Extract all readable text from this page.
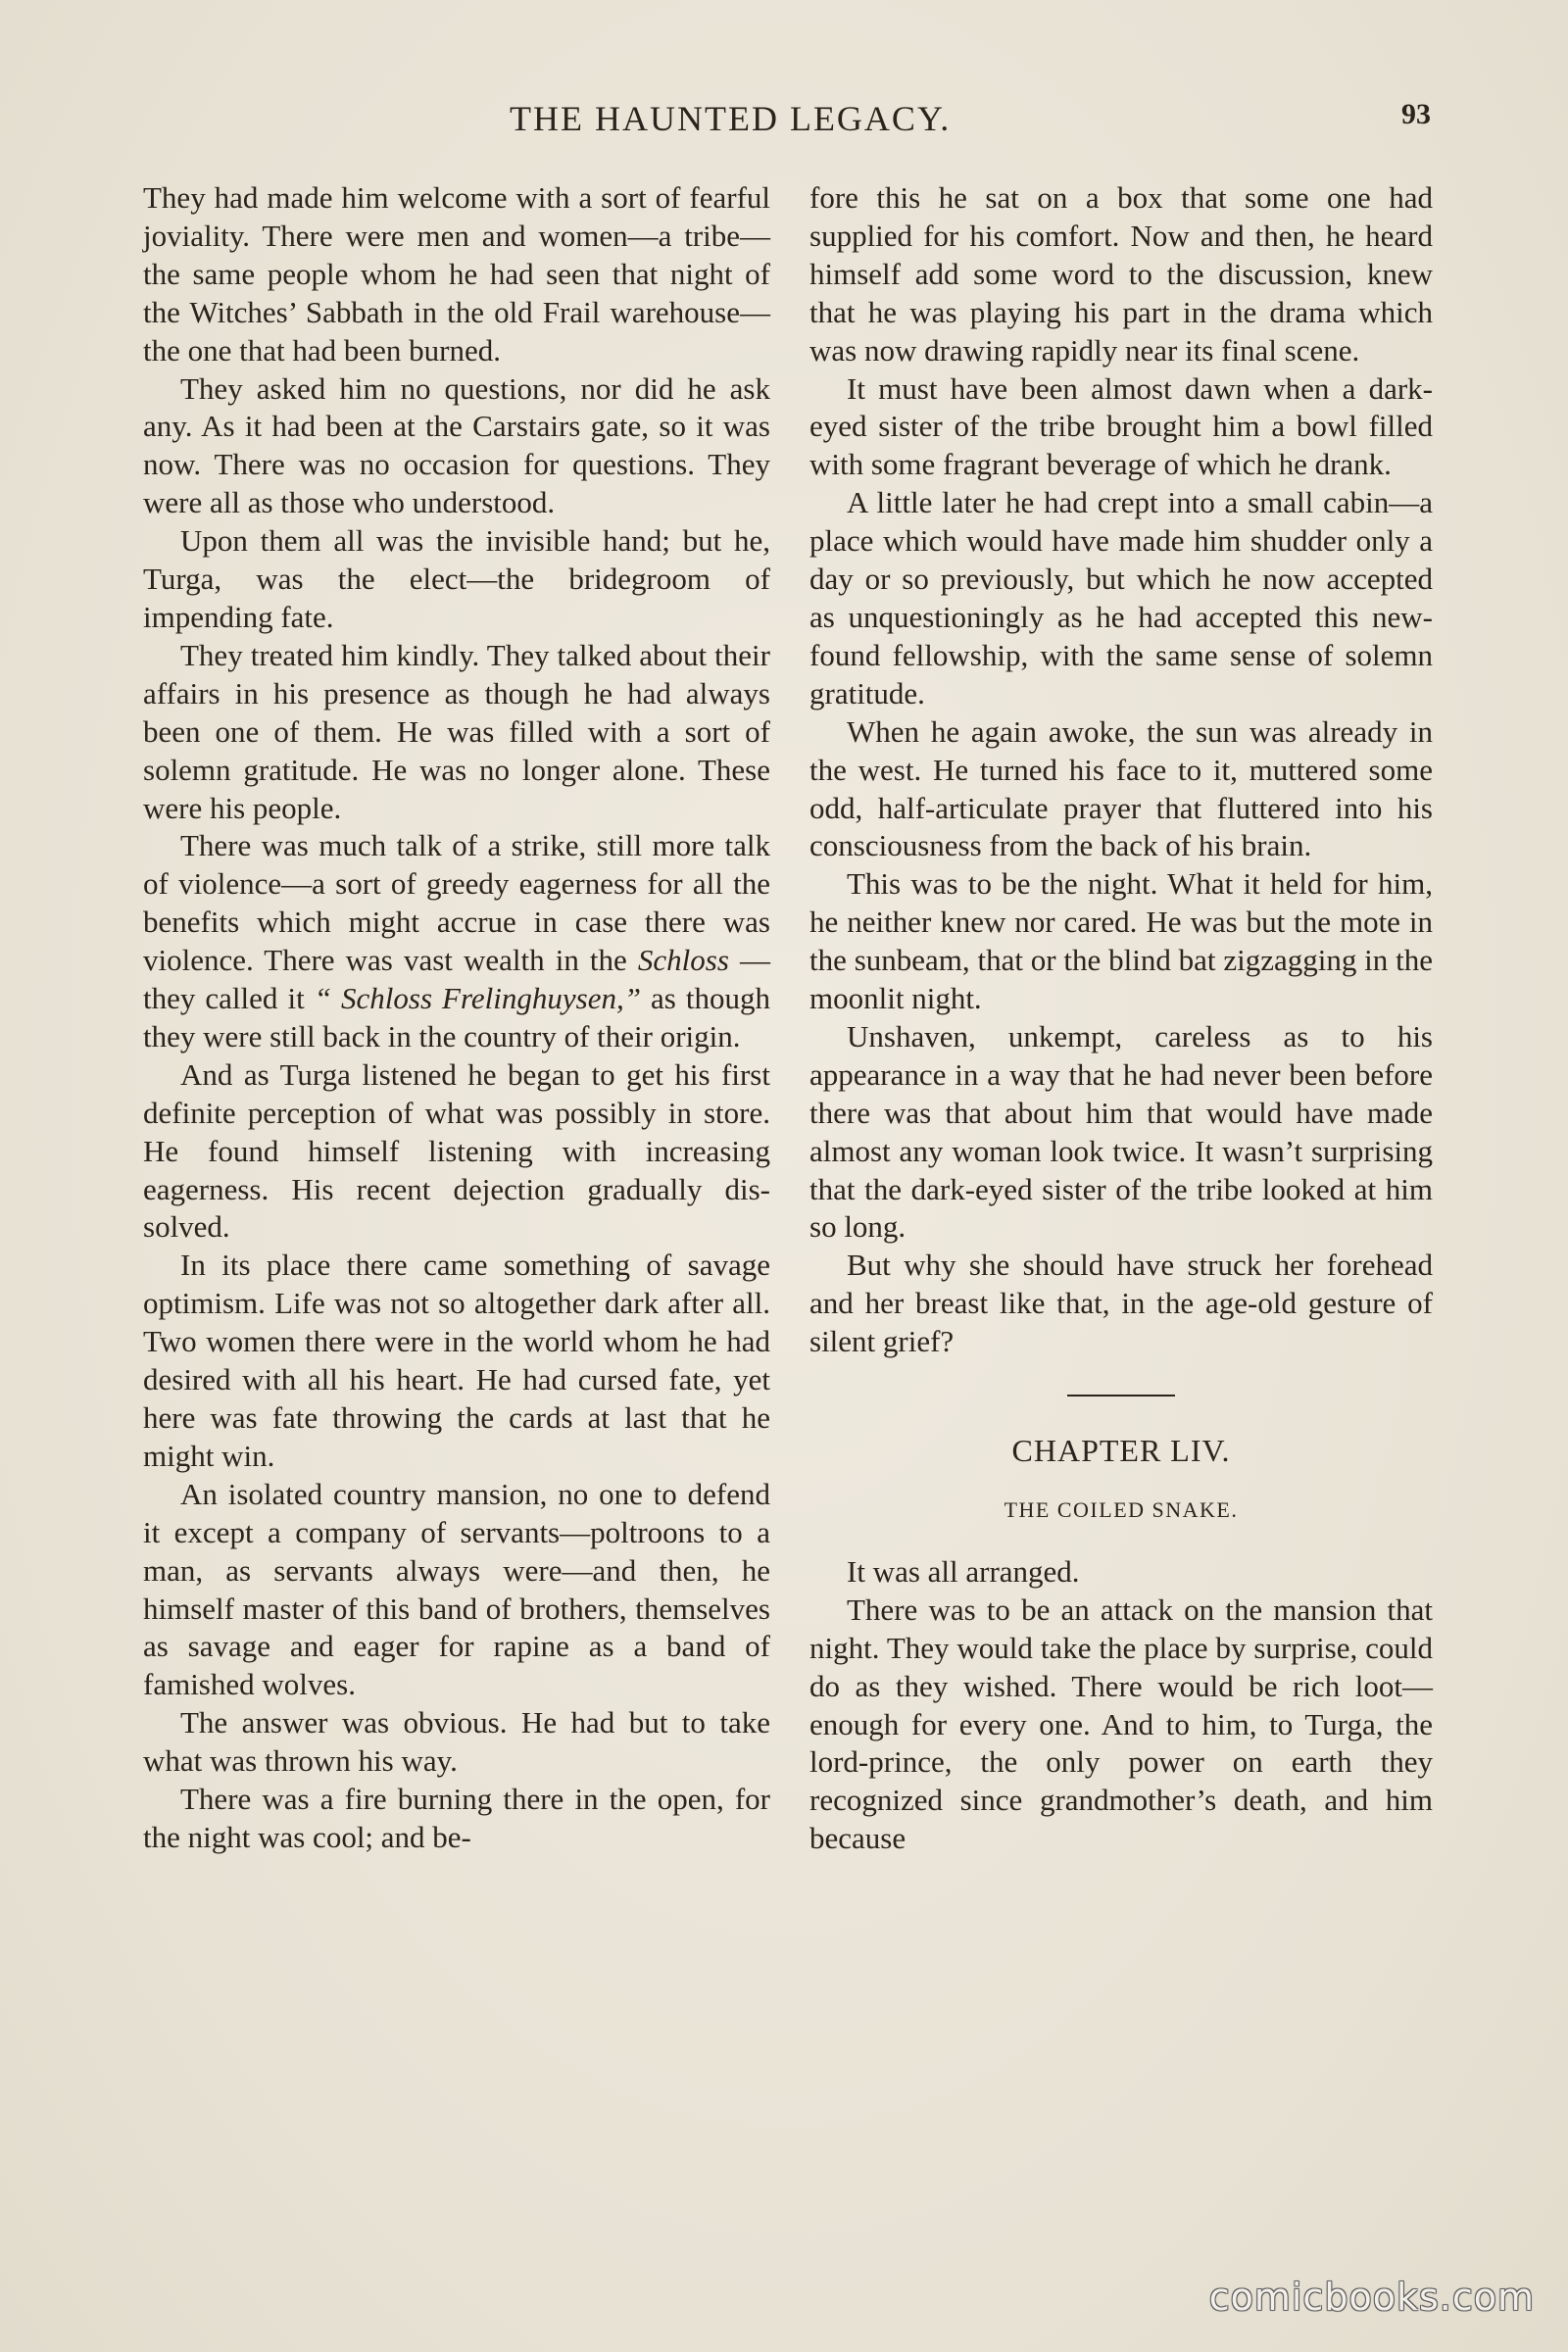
THE HAUNTED LEGACY.	93

They had made him welcome with a sort of fearful joviality. There were men and women—a tribe—the same people whom he had seen that night of the Witches’ Sabbath in the old Frail warehouse—the one that had been burned.

They asked him no questions, nor did he ask any. As it had been at the Carstairs gate, so it was now. There was no occasion for questions. They were all as those who understood.

Upon them all was the invisible hand; but he, Turga, was the elect—the bridegroom of impending fate.

They treated him kindly. They talked about their affairs in his presence as though he had always been one of them. He was filled with a sort of solemn gratitude. He was no longer alone. These were his people.

There was much talk of a strike, still more talk of violence—a sort of greedy eagerness for all the benefits which might accrue in case there was violence. There was vast wealth in the Schloss —they called it “ Schloss Frelinghuysen,” as though they were still back in the country of their origin.

And as Turga listened he began to get his first definite perception of what was possibly in store. He found himself listening with increasing eagerness. His recent dejection gradually dissolved.

In its place there came something of savage optimism. Life was not so altogether dark after all. Two women there were in the world whom he had desired with all his heart. He had cursed fate, yet here was fate throwing the cards at last that he might win.

An isolated country mansion, no one to defend it except a company of servants—poltroons to a man, as servants always were—and then, he himself master of this band of brothers, themselves as savage and eager for rapine as a band of famished wolves.

The answer was obvious. He had but to take what was thrown his way.

There was a fire burning there in the open, for the night was cool; and be-

fore this he sat on a box that some one had supplied for his comfort. Now and then, he heard himself add some word to the discussion, knew that he was playing his part in the drama which was now drawing rapidly near its final scene.

It must have been almost dawn when a dark-eyed sister of the tribe brought him a bowl filled with some fragrant beverage of which he drank.

A little later he had crept into a small cabin—a place which would have made him shudder only a day or so previously, but which he now accepted as unquestioningly as he had accepted this new-found fellowship, with the same sense of solemn gratitude.

When he again awoke, the sun was already in the west. He turned his face to it, muttered some odd, half-articulate prayer that fluttered into his consciousness from the back of his brain.

This was to be the night. What it held for him, he neither knew nor cared. He was but the mote in the sunbeam, that or the blind bat zigzagging in the moonlit night.

Unshaven, unkempt, careless as to his appearance in a way that he had never been before there was that about him that would have made almost any woman look twice. It wasn’t surprising that the dark-eyed sister of the tribe looked at him so long.

But why she should have struck her forehead and her breast like that, in the age-old gesture of silent grief?

CHAPTER LIV.
THE COILED SNAKE.

It was all arranged.

There was to be an attack on the mansion that night. They would take the place by surprise, could do as they wished. There would be rich loot—enough for every one. And to him, to Turga, the lord-prince, the only power on earth they recognized since grandmother’s death, and him because

comicbooks.com
